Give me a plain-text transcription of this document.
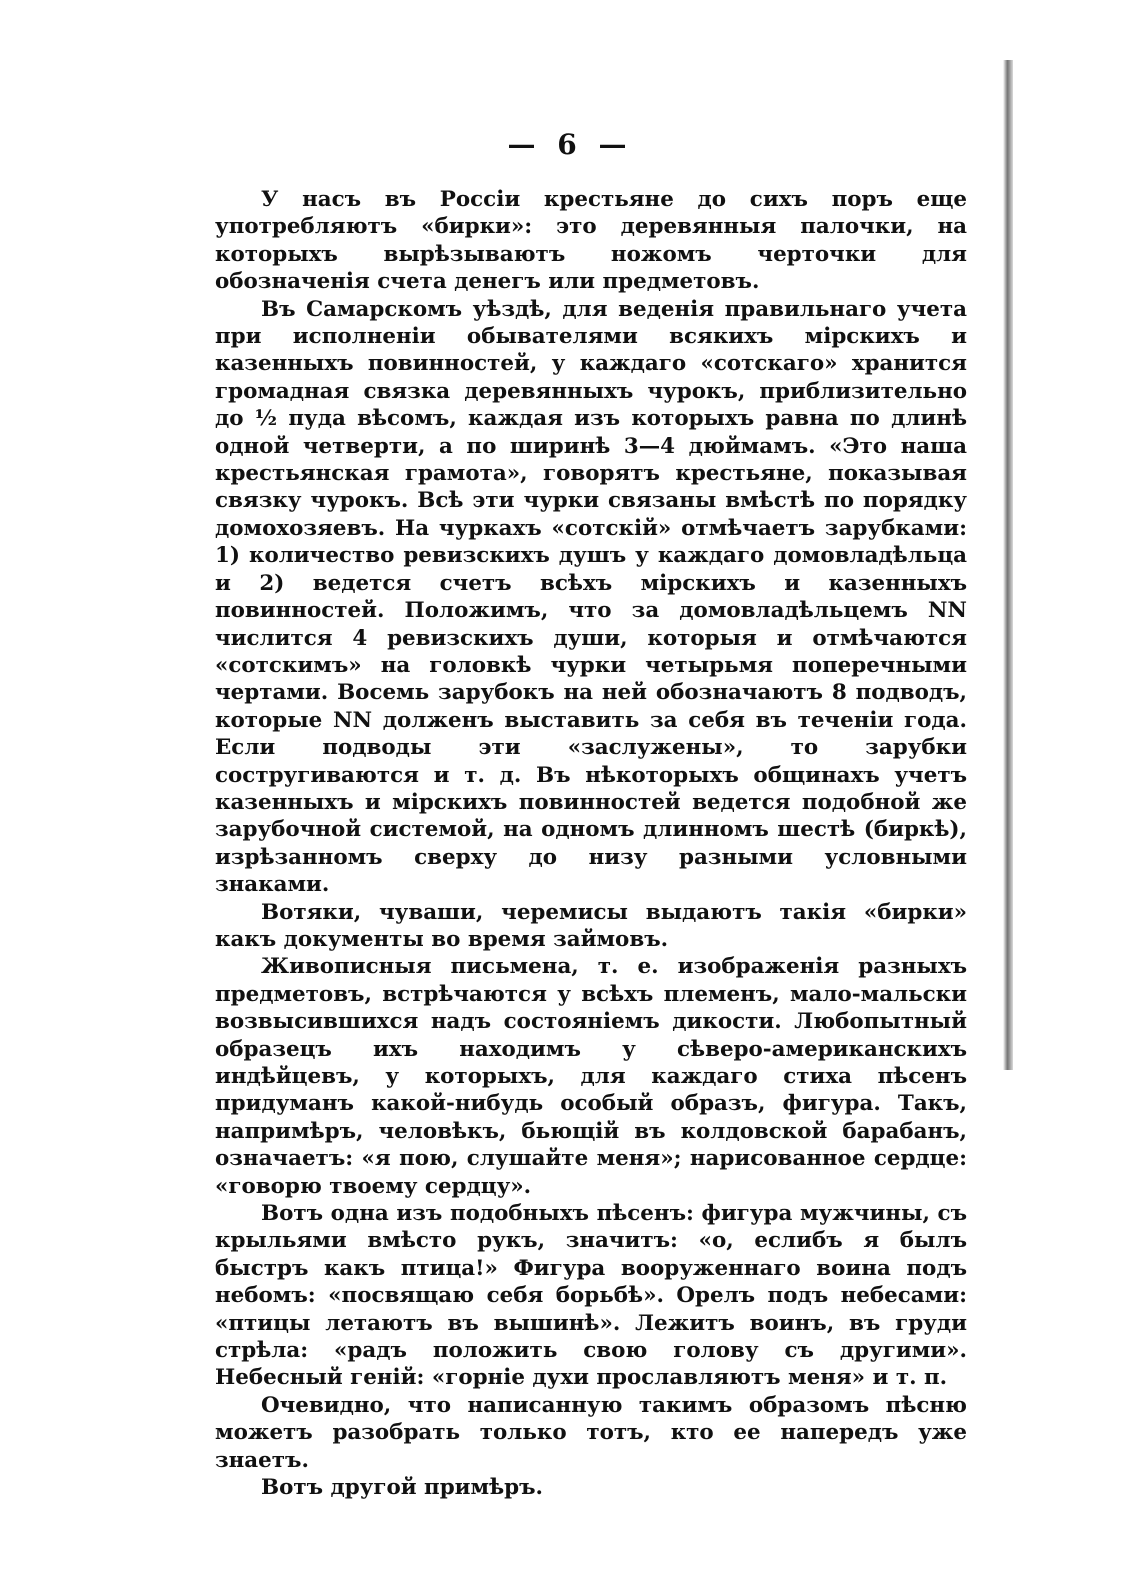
— 6 —

У насъ въ Россіи крестьяне до сихъ поръ еще употребляютъ «бирки»: это деревянныя палочки, на которыхъ вырѣзываютъ ножомъ черточки для обозначенія счета денегъ или предметовъ.

Въ Самарскомъ уѣздѣ, для веденія правильнаго учета при исполненіи обывателями всякихъ мірскихъ и казенныхъ повинностей, у каждаго «сотскаго» хранится громадная связка деревянныхъ чурокъ, приблизительно до ½ пуда вѣсомъ, каждая изъ которыхъ равна по длинѣ одной четверти, а по ширинѣ 3—4 дюймамъ. «Это наша крестьянская грамота», говорятъ крестьяне, показывая связку чурокъ. Всѣ эти чурки связаны вмѣстѣ по порядку домохозяевъ. На чуркахъ «сотскій» отмѣчаетъ зарубками: 1) количество ревизскихъ душъ у каждаго домовладѣльца и 2) ведется счетъ всѣхъ мірскихъ и казенныхъ повинностей. Положимъ, что за домовладѣльцемъ NN числится 4 ревизскихъ души, которыя и отмѣчаются «сотскимъ» на головкѣ чурки четырьмя поперечными чертами. Восемь зарубокъ на ней обозначаютъ 8 подводъ, которые NN долженъ выставить за себя въ теченіи года. Если подводы эти «заслужены», то зарубки состругиваются и т. д. Въ нѣкоторыхъ общинахъ учетъ казенныхъ и мірскихъ повинностей ведется подобной же зарубочной системой, на одномъ длинномъ шестѣ (биркѣ), изрѣзанномъ сверху до низу разными условными знаками.

Вотяки, чуваши, черемисы выдаютъ такія «бирки» какъ документы во время займовъ.

Живописныя письмена, т. е. изображенія разныхъ предметовъ, встрѣчаются у всѣхъ племенъ, мало-мальски возвысившихся надъ состояніемъ дикости. Любопытный образецъ ихъ находимъ у сѣверо-американскихъ индѣйцевъ, у которыхъ, для каждаго стиха пѣсенъ придуманъ какой-нибудь особый образъ, фигура. Такъ, напримѣръ, человѣкъ, бьющій въ колдовской барабанъ, означаетъ: «я пою, слушайте меня»; нарисованное сердце: «говорю твоему сердцу».

Вотъ одна изъ подобныхъ пѣсенъ: фигура мужчины, съ крыльями вмѣсто рукъ, значитъ: «о, еслибъ я былъ быстръ какъ птица!» Фигура вооруженнаго воина подъ небомъ: «посвящаю себя борьбѣ». Орелъ подъ небесами: «птицы летаютъ въ вышинѣ». Лежитъ воинъ, въ груди стрѣла: «радъ положить свою голову съ другими». Небесный геній: «горніе духи прославляютъ меня» и т. п.

Очевидно, что написанную такимъ образомъ пѣсню можетъ разобрать только тотъ, кто ее напередъ уже знаетъ.

Вотъ другой примѣръ.
